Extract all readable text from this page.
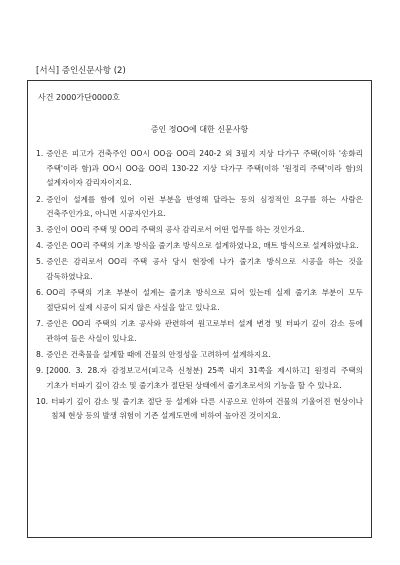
[서식] 증인신문사항 (2)
사건 2000가단0000호
증인 정OO에 대한 신문사항
1. 증인은 피고가 건축주인 OO시 OO읍 OO리 240-2 외 3필지 지상 다가구 주택(이하 '송화리 주택'이라 함)과 OO시 OO읍 OO리 130-22 지상 다가구 주택(이하 '원정리 주택'이라 함)의 설계자이자 감리자이지요.
2. 증인이 설계를 함에 있어 이런 부분을 반영해 달라는 등의 심정적인 요구를 하는 사람은 건축주인가요, 아니면 시공자인가요.
3. 증인이 OO리 주택 및 OO리 주택의 공사 감리로서 어떤 업무를 하는 것인가요.
4. 증인은 OO리 주택의 기초 방식을 줄기초 방식으로 설계하였나요, 매트 방식으로 설계하였나요.
5. 증인은 감리로서 OO리 주택 공사 당시 현장에 나가 줄기초 방식으로 시공을 하는 것을 감독하였나요.
6. OO리 주택의 기초 부분이 설계는 줄기초 방식으로 되어 있는데 실제 줄기초 부분이 모두 절단되어 실제 시공이 되지 않은 사실을 알고 있나요.
7. 증인은 OO리 주택의 기초 공사와 관련하여 원고로부터 설계 변경 및 터파기 깊이 감소 등에 관하여 들은 사실이 있나요.
8. 증인은 건축물을 설계할 때에 건물의 안정성을 고려하여 설계하지요.
9. [2000. 3. 28.자 감정보고서(피고측 신청분) 25쪽 내지 31쪽을 제시하고] 원정리 주택의 기초가 터파기 깊이 감소 및 줄기초가 절단된 상태에서 줄기초로서의 기능을 할 수 있나요.
10. 터파기 깊이 감소 및 줄기초 절단 등 설계와 다른 시공으로 인하여 건물의 기울어진 현상이나 침체 현상 등의 발생 위험이 기존 설계도면에 비하여 높아진 것이지요.
